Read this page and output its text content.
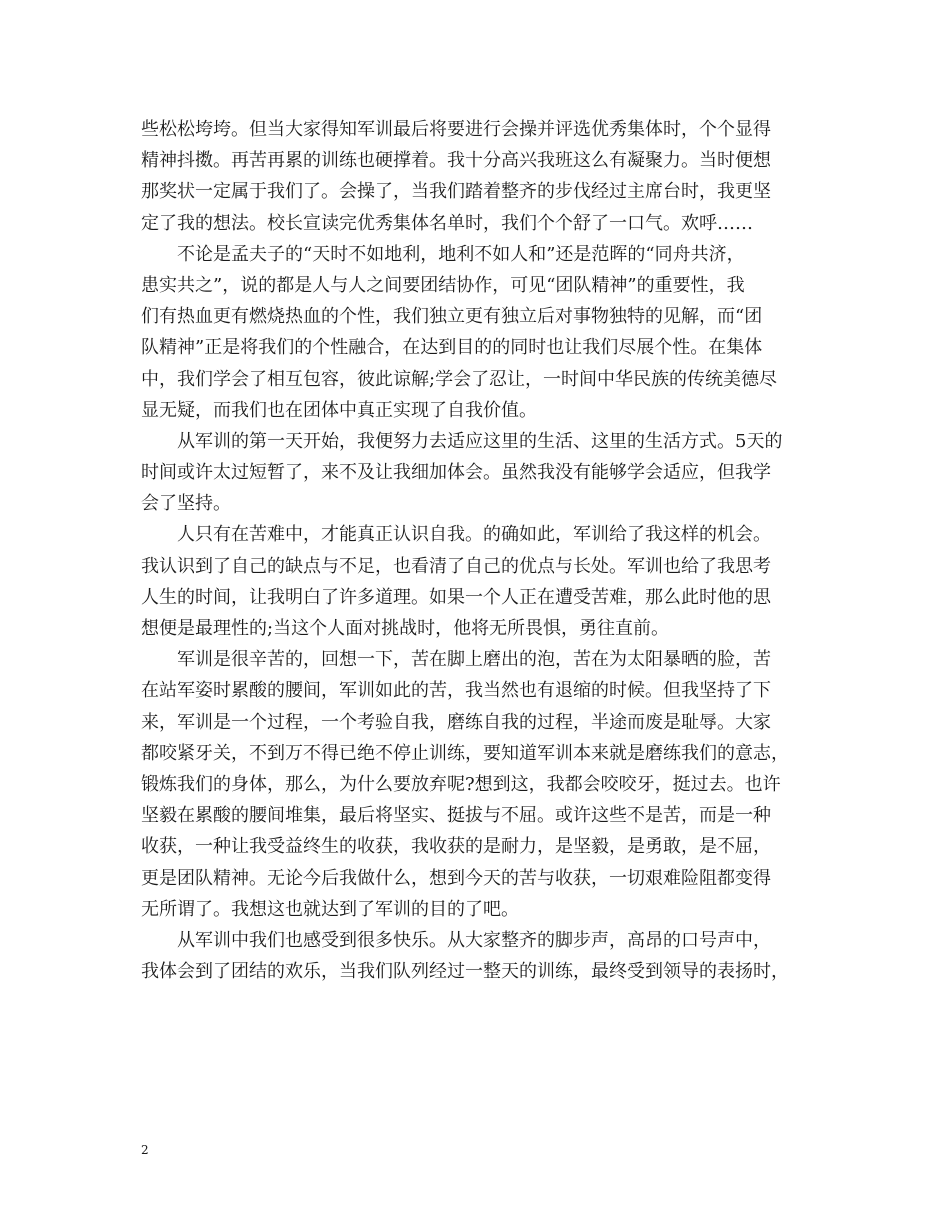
些松松垮垮。但当大家得知军训最后将要进行会操并评选优秀集体时，个个显得
精神抖擞。再苦再累的训练也硬撑着。我十分高兴我班这么有凝聚力。当时便想
那奖状一定属于我们了。会操了，当我们踏着整齐的步伐经过主席台时，我更坚
定了我的想法。校长宣读完优秀集体名单时，我们个个舒了一口气。欢呼……
不论是孟夫子的“天时不如地利，地利不如人和”还是范晖的“同舟共济，
患实共之”，说的都是人与人之间要团结协作，可见“团队精神”的重要性，我
们有热血更有燃烧热血的个性，我们独立更有独立后对事物独特的见解，而“团
队精神”正是将我们的个性融合，在达到目的的同时也让我们尽展个性。在集体
中，我们学会了相互包容，彼此谅解;学会了忍让，一时间中华民族的传统美德尽
显无疑，而我们也在团体中真正实现了自我价值。
从军训的第一天开始，我便努力去适应这里的生活、这里的生活方式。5天的
时间或许太过短暂了，来不及让我细加体会。虽然我没有能够学会适应，但我学
会了坚持。
人只有在苦难中，才能真正认识自我。的确如此，军训给了我这样的机会。
我认识到了自己的缺点与不足，也看清了自己的优点与长处。军训也给了我思考
人生的时间，让我明白了许多道理。如果一个人正在遭受苦难，那么此时他的思
想便是最理性的;当这个人面对挑战时，他将无所畏惧，勇往直前。
军训是很辛苦的，回想一下，苦在脚上磨出的泡，苦在为太阳暴晒的脸，苦
在站军姿时累酸的腰间，军训如此的苦，我当然也有退缩的时候。但我坚持了下
来，军训是一个过程，一个考验自我，磨练自我的过程，半途而废是耻辱。大家
都咬紧牙关，不到万不得已绝不停止训练，要知道军训本来就是磨练我们的意志，
锻炼我们的身体，那么，为什么要放弃呢?想到这，我都会咬咬牙，挺过去。也许
坚毅在累酸的腰间堆集，最后将坚实、挺拔与不屈。或许这些不是苦，而是一种
收获，一种让我受益终生的收获，我收获的是耐力，是坚毅，是勇敢，是不屈，
更是团队精神。无论今后我做什么，想到今天的苦与收获，一切艰难险阻都变得
无所谓了。我想这也就达到了军训的目的了吧。
从军训中我们也感受到很多快乐。从大家整齐的脚步声，高昂的口号声中，
我体会到了团结的欢乐，当我们队列经过一整天的训练，最终受到领导的表扬时，
2
